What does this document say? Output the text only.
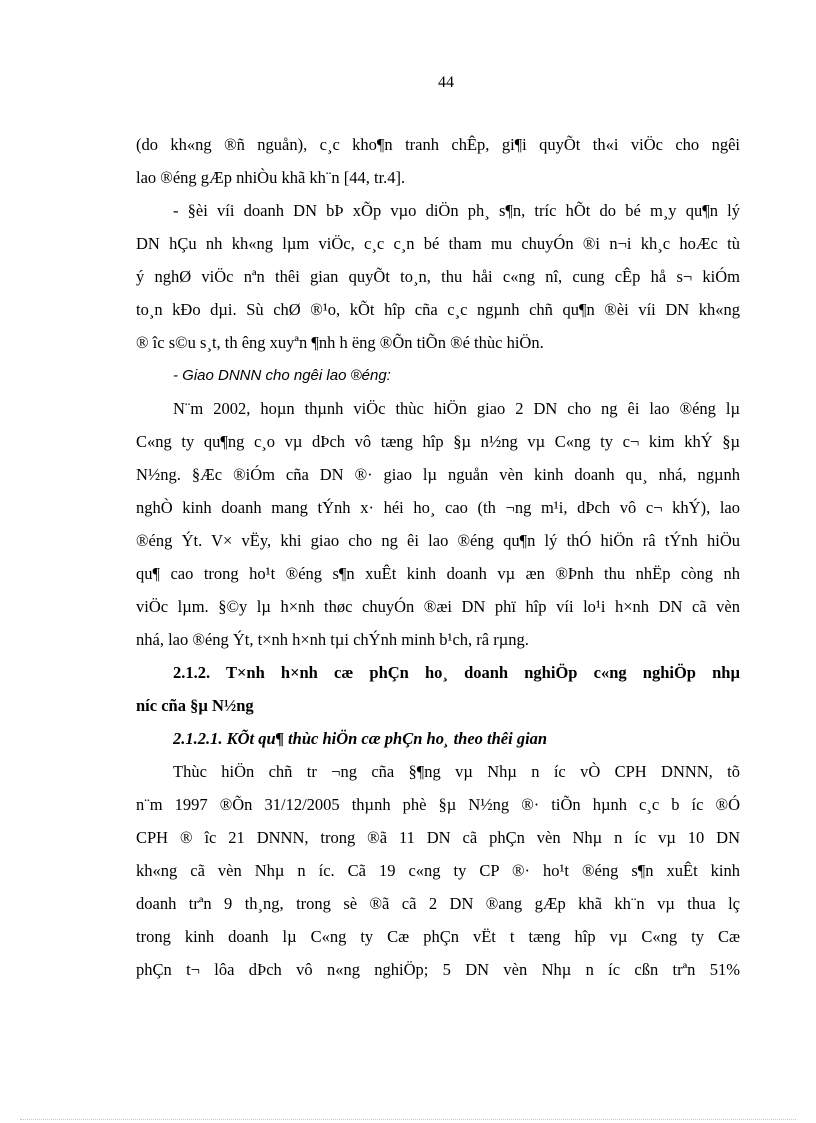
44
(do kh«ng ®ñ nguån), c¸c kho¶n tranh chÊp, gi¶i quyÕt th«i viÖc cho ngêi
lao ®éng gÆp nhiÒu khã kh¨n [44, tr.4].
- §èi víi doanh DN bÞ xÕp vµo diÖn ph¸ s¶n, tríc hÕt do bé m¸y qu¶n lý
DN hÇu nh kh«ng lµm viÖc, c¸c c¸n bé tham mu chuyÓn ®i n¬i kh¸c hoÆc tù
ý nghØ viÖc nªn thêi gian quyÕt to¸n, thu håi c«ng nî, cung cÊp hå s¬ kiÓm
to¸n kÐo dµi. Sù chØ ®¹o, kÕt hîp cña c¸c ngµnh chñ qu¶n ®èi víi DN kh«ng
® îc s©u s¸t, th êng xuyªn ¶nh h ëng ®Õn tiÕn ®é thùc hiÖn.
- Giao DNNN cho ngêi lao ®éng:
N¨m 2002, hoµn thµnh viÖc thùc hiÖn giao 2 DN cho ng êi lao ®éng lµ
C«ng ty qu¶ng c¸o vµ dÞch vô tæng hîp §µ n½ng vµ C«ng ty c¬ kim khÝ §µ
N½ng. §Æc ®iÓm cña DN ®· giao lµ nguån vèn kinh doanh qu¸ nhá, ngµnh
nghÒ kinh doanh mang tÝnh x· héi ho¸ cao (th ¬ng m¹i, dÞch vô c¬ khÝ), lao
®éng Ýt. V× vËy, khi giao cho ng êi lao ®éng qu¶n lý thÓ hiÖn râ tÝnh hiÖu
qu¶ cao trong ho¹t ®éng s¶n xuÊt kinh doanh vµ æn ®Þnh thu nhËp còng nh
viÖc lµm. §©y lµ h×nh thøc chuyÓn ®æi DN phï hîp víi lo¹i h×nh DN cã vèn
nhá, lao ®éng Ýt, t×nh h×nh tµi chÝnh minh b¹ch, râ rµng.
2.1.2. T×nh h×nh cæ phÇn ho¸ doanh nghiÖp c«ng nghiÖp nhµ
níc cña §µ N½ng
2.1.2.1. KÕt qu¶ thùc hiÖn cæ phÇn ho¸ theo thêi gian
Thùc hiÖn chñ tr ¬ng cña §¶ng vµ Nhµ n íc vÒ CPH DNNN, tõ
n¨m 1997 ®Õn 31/12/2005 thµnh phè §µ N½ng ®· tiÕn hµnh c¸c b íc ®Ó
CPH ® îc 21 DNNN, trong ®ã 11 DN cã phÇn vèn Nhµ n íc vµ 10 DN
kh«ng cã vèn Nhµ n íc. Cã 19 c«ng ty CP ®· ho¹t ®éng s¶n xuÊt kinh
doanh trªn 9 th¸ng, trong sè ®ã cã 2 DN ®ang gÆp khã kh¨n vµ thua lç
trong kinh doanh lµ C«ng ty Cæ phÇn vËt t tæng hîp vµ C«ng ty Cæ
phÇn t¬ lôa dÞch vô n«ng nghiÖp; 5 DN vèn Nhµ n íc cßn trªn 51%
